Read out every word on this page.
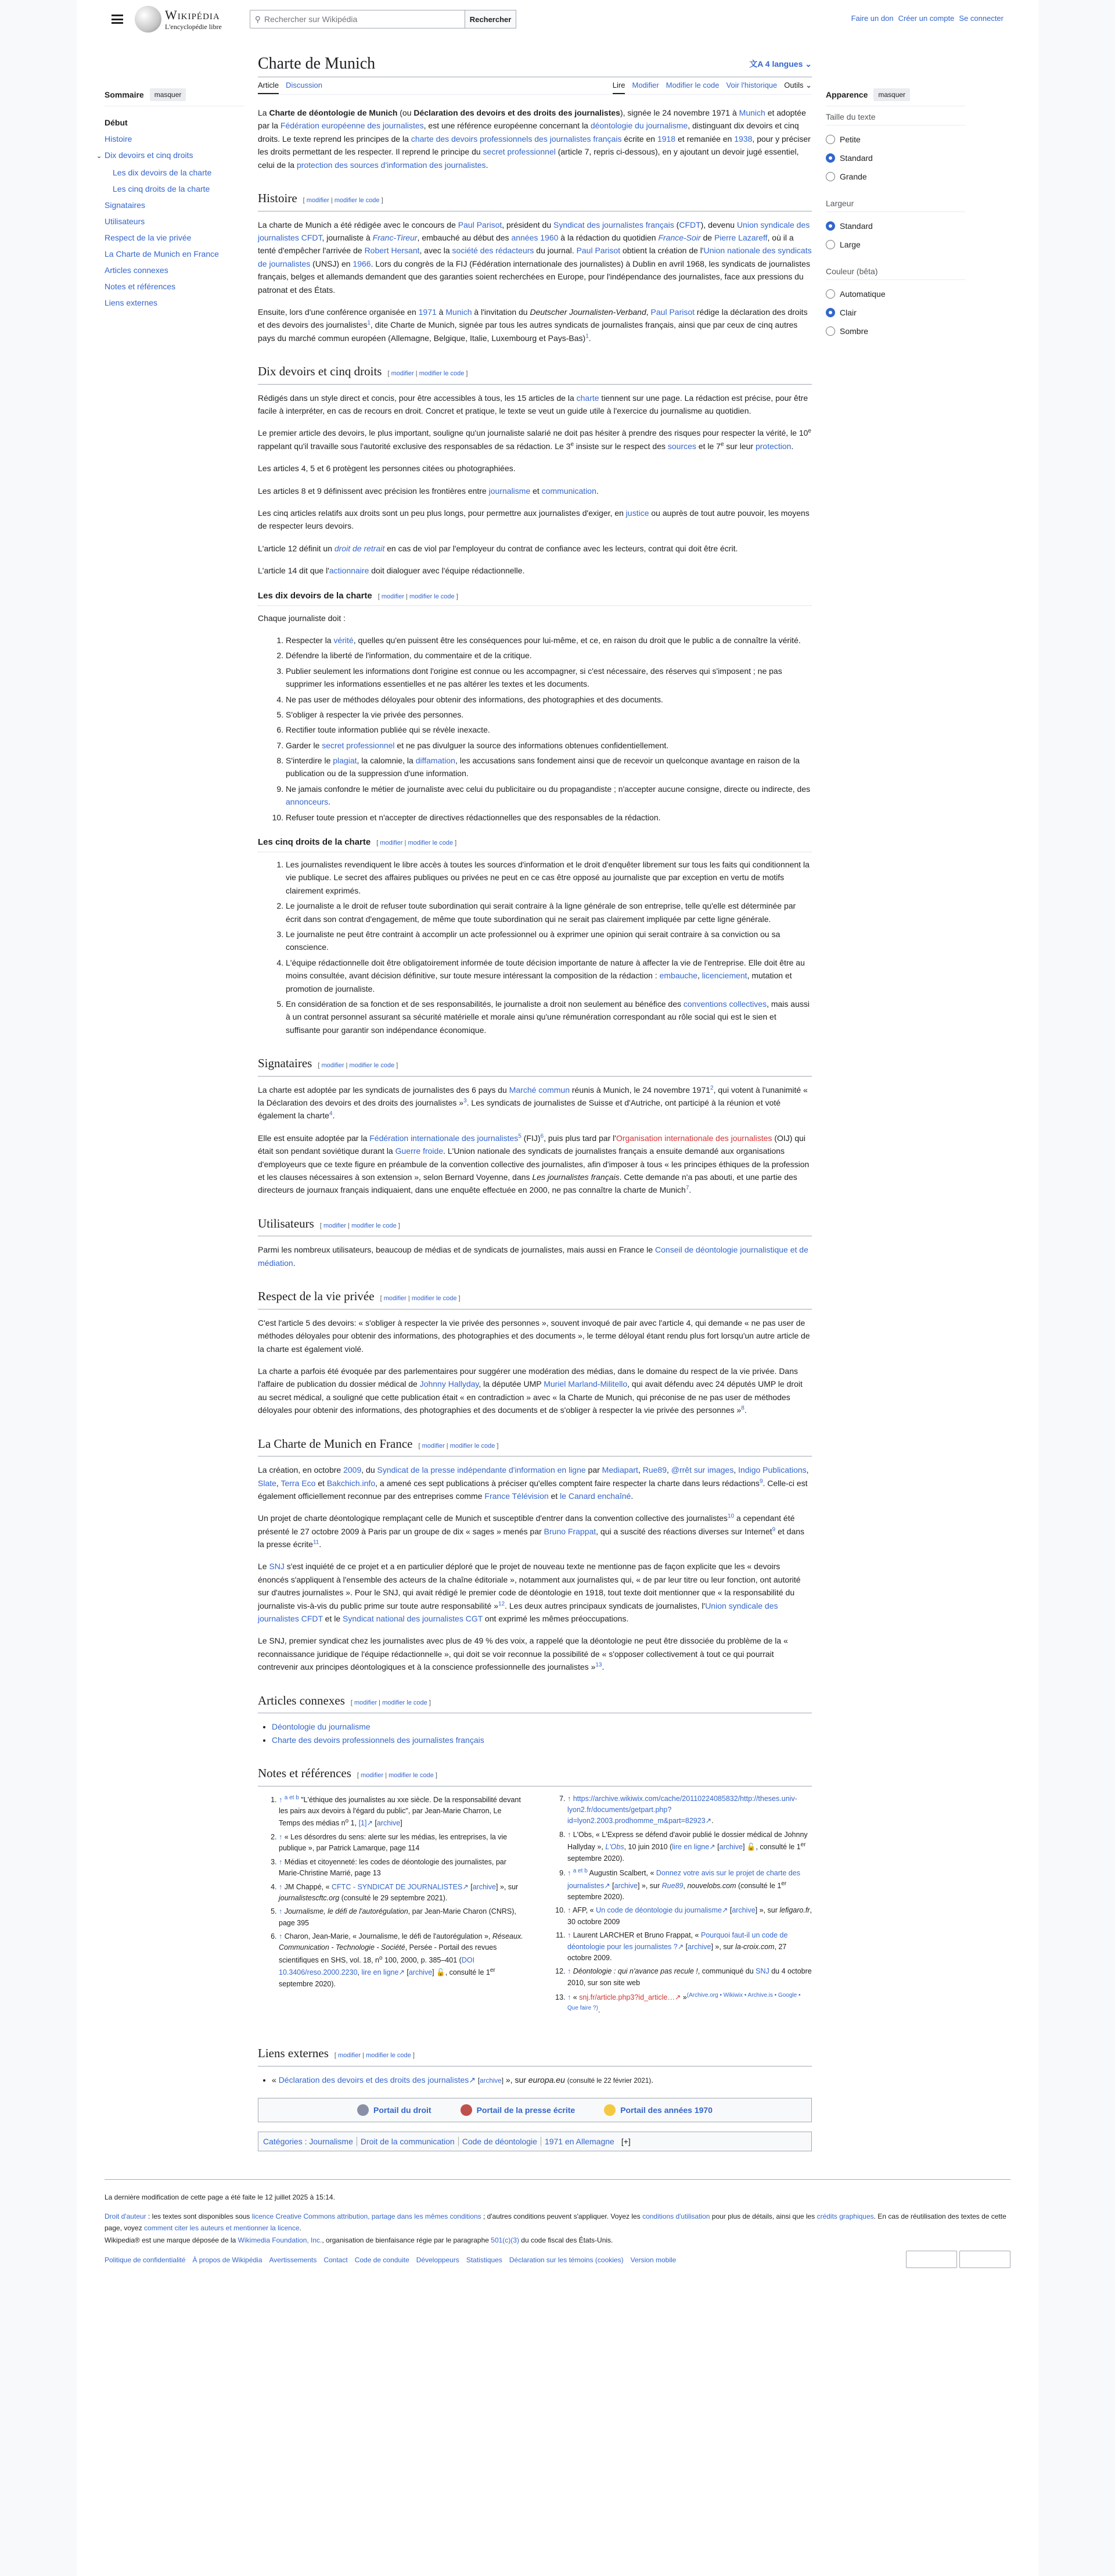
Wikipédia
L'encyclopédie libre
⚲ Rechercher sur Wikipédia	Rechercher	Faire un don Créer un compte Se connecter
Sommaire	masquer
Début
Histoire
⌄ Dix devoirs et cinq droits
Les dix devoirs de la charte
Les cinq droits de la charte
Signataires
Utilisateurs
Respect de la vie privée
La Charte de Munich en France
Articles connexes
Notes et références
Liens externes
Charte de Munich	文A 4 langues ⌄
Article Discussion	Lire Modifier Modifier le code Voir l'historique Outils ⌄

La Charte de déontologie de Munich (ou Déclaration des devoirs et des droits des journalistes), signée le 24 novembre 1971 à Munich et adoptée par la Fédération européenne des journalistes, est une référence européenne concernant la déontologie du journalisme, distinguant dix devoirs et cinq droits. Le texte reprend les principes de la charte des devoirs professionnels des journalistes français écrite en 1918 et remaniée en 1938, pour y préciser les droits permettant de les respecter. Il reprend le principe du secret professionnel (article 7, repris ci-dessous), en y ajoutant un devoir jugé essentiel, celui de la protection des sources d'information des journalistes.

Histoire [ modifier | modifier le code ]

La charte de Munich a été rédigée avec le concours de Paul Parisot, président du Syndicat des journalistes français (CFDT), devenu Union syndicale des journalistes CFDT, journaliste à Franc-Tireur, embauché au début des années 1960 à la rédaction du quotidien France-Soir de Pierre Lazareff, où il a tenté d'empêcher l'arrivée de Robert Hersant, avec la société des rédacteurs du journal. Paul Parisot obtient la création de l'Union nationale des syndicats de journalistes (UNSJ) en 1966. Lors du congrès de la FIJ (Fédération internationale des journalistes) à Dublin en avril 1968, les syndicats de journalistes français, belges et allemands demandent que des garanties soient recherchées en Europe, pour l'indépendance des journalistes, face aux pressions du patronat et des États.

Ensuite, lors d'une conférence organisée en 1971 à Munich à l'invitation du Deutscher Journalisten-Verband, Paul Parisot rédige la déclaration des droits et des devoirs des journalistes$^1$, dite Charte de Munich, signée par tous les autres syndicats de journalistes français, ainsi que par ceux de cinq autres pays du marché commun européen (Allemagne, Belgique, Italie, Luxembourg et Pays-Bas)$^1$.

Dix devoirs et cinq droits [ modifier | modifier le code ]

Rédigés dans un style direct et concis, pour être accessibles à tous, les 15 articles de la charte tiennent sur une page. La rédaction est précise, pour être facile à interpréter, en cas de recours en droit. Concret et pratique, le texte se veut un guide utile à l'exercice du journalisme au quotidien.

Le premier article des devoirs, le plus important, souligne qu'un journaliste salarié ne doit pas hésiter à prendre des risques pour respecter la vérité, le 10e rappelant qu'il travaille sous l'autorité exclusive des responsables de sa rédaction. Le 3e insiste sur le respect des sources et le 7e sur leur protection.

Les articles 4, 5 et 6 protègent les personnes citées ou photographiées.

Les articles 8 et 9 définissent avec précision les frontières entre journalisme et communication.

Les cinq articles relatifs aux droits sont un peu plus longs, pour permettre aux journalistes d'exiger, en justice ou auprès de tout autre pouvoir, les moyens de respecter leurs devoirs.

L'article 12 définit un droit de retrait en cas de viol par l'employeur du contrat de confiance avec les lecteurs, contrat qui doit être écrit.

L'article 14 dit que l'actionnaire doit dialoguer avec l'équipe rédactionnelle.

Les dix devoirs de la charte [ modifier | modifier le code ]

Chaque journaliste doit :

1. Respecter la vérité, quelles qu'en puissent être les conséquences pour lui-même, et ce, en raison du droit que le public a de connaître la vérité.
2. Défendre la liberté de l'information, du commentaire et de la critique.
3. Publier seulement les informations dont l'origine est connue ou les accompagner, si c'est nécessaire, des réserves qui s'imposent ; ne pas supprimer les informations essentielles et ne pas altérer les textes et les documents.
4. Ne pas user de méthodes déloyales pour obtenir des informations, des photographies et des documents.
5. S'obliger à respecter la vie privée des personnes.
6. Rectifier toute information publiée qui se révèle inexacte.
7. Garder le secret professionnel et ne pas divulguer la source des informations obtenues confidentiellement.
8. S'interdire le plagiat, la calomnie, la diffamation, les accusations sans fondement ainsi que de recevoir un quelconque avantage en raison de la publication ou de la suppression d'une information.
9. Ne jamais confondre le métier de journaliste avec celui du publicitaire ou du propagandiste ; n'accepter aucune consigne, directe ou indirecte, des annonceurs.
10. Refuser toute pression et n'accepter de directives rédactionnelles que des responsables de la rédaction.
Les cinq droits de la charte [ modifier | modifier le code ]
1. Les journalistes revendiquent le libre accès à toutes les sources d'information et le droit d'enquêter librement sur tous les faits qui conditionnent la vie publique. Le secret des affaires publiques ou privées ne peut en ce cas être opposé au journaliste que par exception en vertu de motifs clairement exprimés.
2. Le journaliste a le droit de refuser toute subordination qui serait contraire à la ligne générale de son entreprise, telle qu'elle est déterminée par écrit dans son contrat d'engagement, de même que toute subordination qui ne serait pas clairement impliquée par cette ligne générale.
3. Le journaliste ne peut être contraint à accomplir un acte professionnel ou à exprimer une opinion qui serait contraire à sa conviction ou sa conscience.
4. L'équipe rédactionnelle doit être obligatoirement informée de toute décision importante de nature à affecter la vie de l'entreprise. Elle doit être au moins consultée, avant décision définitive, sur toute mesure intéressant la composition de la rédaction : embauche, licenciement, mutation et promotion de journaliste.
5. En considération de sa fonction et de ses responsabilités, le journaliste a droit non seulement au bénéfice des conventions collectives, mais aussi à un contrat personnel assurant sa sécurité matérielle et morale ainsi qu'une rémunération correspondant au rôle social qui est le sien et suffisante pour garantir son indépendance économique.
Signataires [ modifier | modifier le code ]

La charte est adoptée par les syndicats de journalistes des 6 pays du Marché commun réunis à Munich, le 24 novembre 1971$^2$, qui votent à l'unanimité « la Déclaration des devoirs et des droits des journalistes »$^3$. Les syndicats de journalistes de Suisse et d'Autriche, ont participé à la réunion et voté également la charte$^4$.

Elle est ensuite adoptée par la Fédération internationale des journalistes$^5$ (FIJ)$^6$, puis plus tard par l'Organisation internationale des journalistes (OIJ) qui était son pendant soviétique durant la Guerre froide. L'Union nationale des syndicats de journalistes français a ensuite demandé aux organisations d'employeurs que ce texte figure en préambule de la convention collective des journalistes, afin d'imposer à tous « les principes éthiques de la profession et les clauses nécessaires à son extension », selon Bernard Voyenne, dans Les journalistes français. Cette demande n'a pas abouti, et une partie des directeurs de journaux français indiquaient, dans une enquête effectuée en 2000, ne pas connaître la charte de Munich$^7$.

Utilisateurs [ modifier | modifier le code ]

Parmi les nombreux utilisateurs, beaucoup de médias et de syndicats de journalistes, mais aussi en France le Conseil de déontologie journalistique et de médiation.

Respect de la vie privée [ modifier | modifier le code ]

C'est l'article 5 des devoirs: « s'obliger à respecter la vie privée des personnes », souvent invoqué de pair avec l'article 4, qui demande « ne pas user de méthodes déloyales pour obtenir des informations, des photographies et des documents », le terme déloyal étant rendu plus fort lorsqu'un autre article de la charte est également violé.

La charte a parfois été évoquée par des parlementaires pour suggérer une modération des médias, dans le domaine du respect de la vie privée. Dans l'affaire de publication du dossier médical de Johnny Hallyday, la députée UMP Muriel Marland-Militello, qui avait défendu avec 24 députés UMP le droit au secret médical, a souligné que cette publication était « en contradiction » avec « la Charte de Munich, qui préconise de ne pas user de méthodes déloyales pour obtenir des informations, des photographies et des documents et de s'obliger à respecter la vie privée des personnes »$^8$.

La Charte de Munich en France [ modifier | modifier le code ]

La création, en octobre 2009, du Syndicat de la presse indépendante d'information en ligne par Mediapart, Rue89, @rrêt sur images, Indigo Publications, Slate, Terra Eco et Bakchich.info, a amené ces sept publications à préciser qu'elles comptent faire respecter la charte dans leurs rédactions$^9$. Celle-ci est également officiellement reconnue par des entreprises comme France Télévision et le Canard enchaîné.

Un projet de charte déontologique remplaçant celle de Munich et susceptible d'entrer dans la convention collective des journalistes$^{10}$ a cependant été présenté le 27 octobre 2009 à Paris par un groupe de dix « sages » menés par Bruno Frappat, qui a suscité des réactions diverses sur Internet$^9$ et dans la presse écrite$^{11}$.

Le SNJ s'est inquiété de ce projet et a en particulier déploré que le projet de nouveau texte ne mentionne pas de façon explicite que les « devoirs énoncés s'appliquent à l'ensemble des acteurs de la chaîne éditoriale », notamment aux journalistes qui, « de par leur titre ou leur fonction, ont autorité sur d'autres journalistes ». Pour le SNJ, qui avait rédigé le premier code de déontologie en 1918, tout texte doit mentionner que « la responsabilité du journaliste vis-à-vis du public prime sur toute autre responsabilité »$^{12}$. Les deux autres principaux syndicats de journalistes, l'Union syndicale des journalistes CFDT et le Syndicat national des journalistes CGT ont exprimé les mêmes préoccupations.

Le SNJ, premier syndicat chez les journalistes avec plus de 49 % des voix, a rappelé que la déontologie ne peut être dissociée du problème de la « reconnaissance juridique de l'équipe rédactionnelle », qui doit se voir reconnue la possibilité de « s'opposer collectivement à tout ce qui pourrait contrevenir aux principes déontologiques et à la conscience professionnelle des journalistes »$^{13}$.

Articles connexes [ modifier | modifier le code ]
• Déontologie du journalisme
• Charte des devoirs professionnels des journalistes français
Notes et références [ modifier | modifier le code ]
1. ↑ $^{a et b}$ "L'éthique des journalistes au xxe siècle. De la responsabilité devant les pairs aux devoirs à l'égard du public", par Jean-Marie Charron, Le Temps des médias $n^o$ 1, [1]↗ [archive]
2. ↑ « Les désordres du sens: alerte sur les médias, les entreprises, la vie publique », par Patrick Lamarque, page 114
3. ↑ Médias et citoyenneté: les codes de déontologie des journalistes, par Marie-Christine Marrié, page 13
4. ↑ JM Chappé, « CFTC - SYNDICAT DE JOURNALISTES↗ [archive] », sur journalistescftc.org (consulté le 29 septembre 2021).
5. ↑ Journalisme, le défi de l'autorégulation, par Jean-Marie Charon (CNRS), page 395
6. ↑ Charon, Jean-Marie, « Journalisme, le défi de l'autorégulation », Réseaux. Communication - Technologie - Société, Persée - Portail des revues scientifiques en SHS, vol. 18, $n^o$ 100, 2000, p. 385–401 (DOI 10.3406/reso.2000.2230, lire en ligne↗ [archive] 🔓, consulté le 1er septembre 2020).
7. ↑ https://archive.wikiwix.com/cache/20110224085832/http://theses.univ-lyon2.fr/documents/getpart.php?id=lyon2.2003.prodhomme_m&part=82923↗.
8. ↑ L'Obs, « L'Express se défend d'avoir publié le dossier médical de Johnny Hallyday », L'Obs, 10 juin 2010 (lire en ligne↗ [archive] 🔓, consulté le 1er septembre 2020).
9. ↑ $^{a et b}$ Augustin Scalbert, « Donnez votre avis sur le projet de charte des journalistes↗ [archive] », sur Rue89, nouvelobs.com (consulté le 1er septembre 2020).
10. ↑ AFP, « Un code de déontologie du journalisme↗ [archive] », sur lefigaro.fr, 30 octobre 2009
11. ↑ Laurent LARCHER et Bruno Frappat, « Pourquoi faut-il un code de déontologie pour les journalistes ?↗ [archive] », sur la-croix.com, 27 octobre 2009.
12. ↑ Déontologie : qui n'avance pas recule !, communiqué du SNJ du 4 octobre 2010, sur son site web
13. ↑ « snj.fr/article.php3?id_article…↗ »$^{(Archive.org • Wikiwix • Archive.is • Google • Que faire ?)}$.
Liens externes [ modifier | modifier le code ]
• « Déclaration des devoirs et des droits des journalistes↗ [archive] », sur europa.eu (consulté le 22 février 2021).
Portail du droit	Portail de la presse écrite	Portail des années 1970
Catégories : Journalisme Droit de la communication Code de déontologie 1971 en Allemagne [+]
Apparence	masquer
Taille du texte
Petite
Standard
Grande
Largeur
Standard
Large
Couleur (bêta)
Automatique
Clair
Sombre

La dernière modification de cette page a été faite le 12 juillet 2025 à 15:14.

Droit d'auteur : les textes sont disponibles sous licence Creative Commons attribution, partage dans les mêmes conditions ; d'autres conditions peuvent s'appliquer. Voyez les conditions d'utilisation pour plus de détails, ainsi que les crédits graphiques. En cas de réutilisation des textes de cette page, voyez comment citer les auteurs et mentionner la licence.
Wikipedia® est une marque déposée de la Wikimedia Foundation, Inc., organisation de bienfaisance régie par le paragraphe 501(c)(3) du code fiscal des États-Unis.

Politique de confidentialité À propos de Wikipédia Avertissements Contact Code de conduite Développeurs Statistiques Déclaration sur les témoins (cookies) Version mobile
